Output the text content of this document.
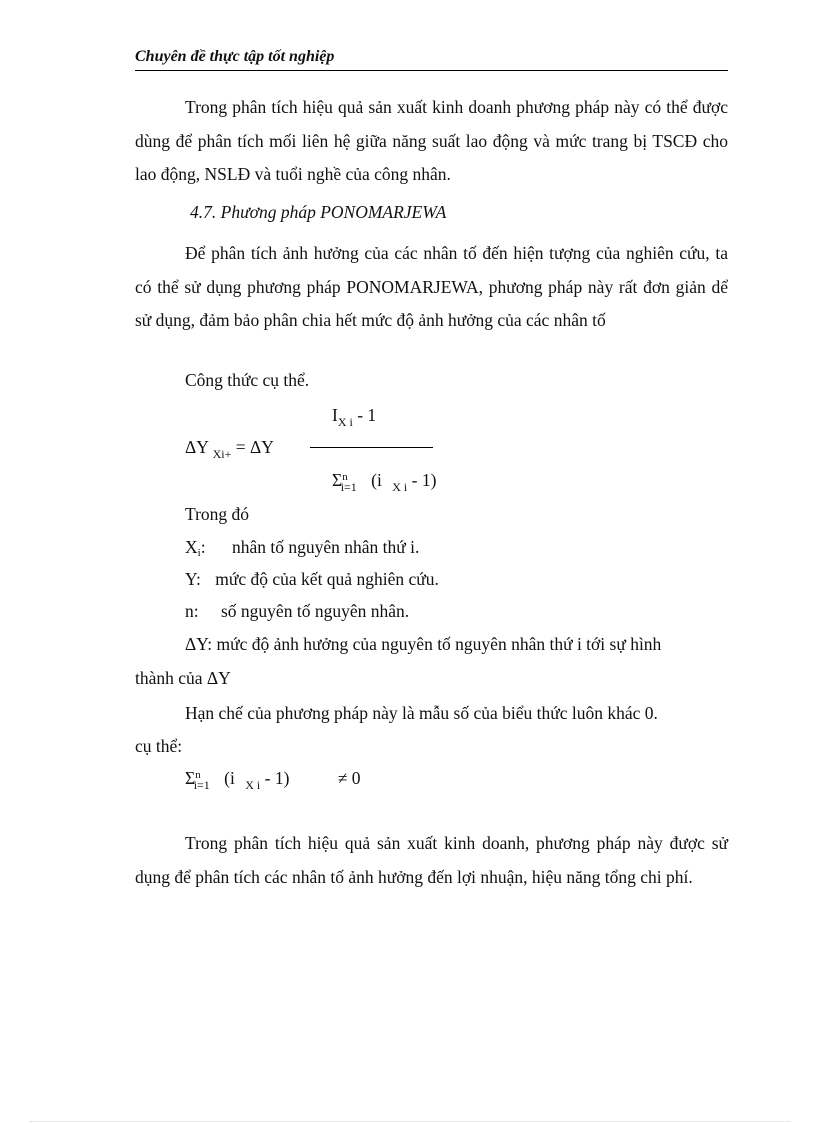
Chuyên đề thực tập tốt nghiệp

Trong phân tích hiệu quả sản xuất kinh doanh phương pháp này có thể được dùng để phân tích mối liên hệ giữa năng suất lao động và mức trang bị TSCĐ cho lao động, NSLĐ và tuổi nghề của công nhân.

4.7. Phương pháp PONOMARJEWA

Để phân tích ảnh hưởng của các nhân tố đến hiện tượng của nghiên cứu, ta có thể sử dụng phương pháp PONOMARJEWA, phương pháp này rất đơn giản dể sử dụng, đảm bảo phân chia hết mức độ ảnh hưởng của các nhân tố

Công thức cụ thể.
$I_{X i} - 1$
ΔY $_{Xi+}$ = ΔY
$\Sigma^n_{i=1}$ (i $_{X i}$ - 1)
Trong đó
Xi: nhân tố nguyên nhân thứ i.
Y: mức độ của kết quả nghiên cứu.
n: số nguyên tố nguyên nhân.
ΔY: mức độ ảnh hưởng của nguyên tố nguyên nhân thứ i tới sự hình
thành của ΔY
Hạn chế của phương pháp này là mẫu số của biểu thức luôn khác 0.
cụ thể:
$\Sigma^n_{i=1}$ (i $_{X i}$ - 1)	≠ 0

Trong phân tích hiệu quả sản xuất kinh doanh, phương pháp này được sử dụng để phân tích các nhân tố ảnh hưởng đến lợi nhuận, hiệu năng tổng chi phí.
